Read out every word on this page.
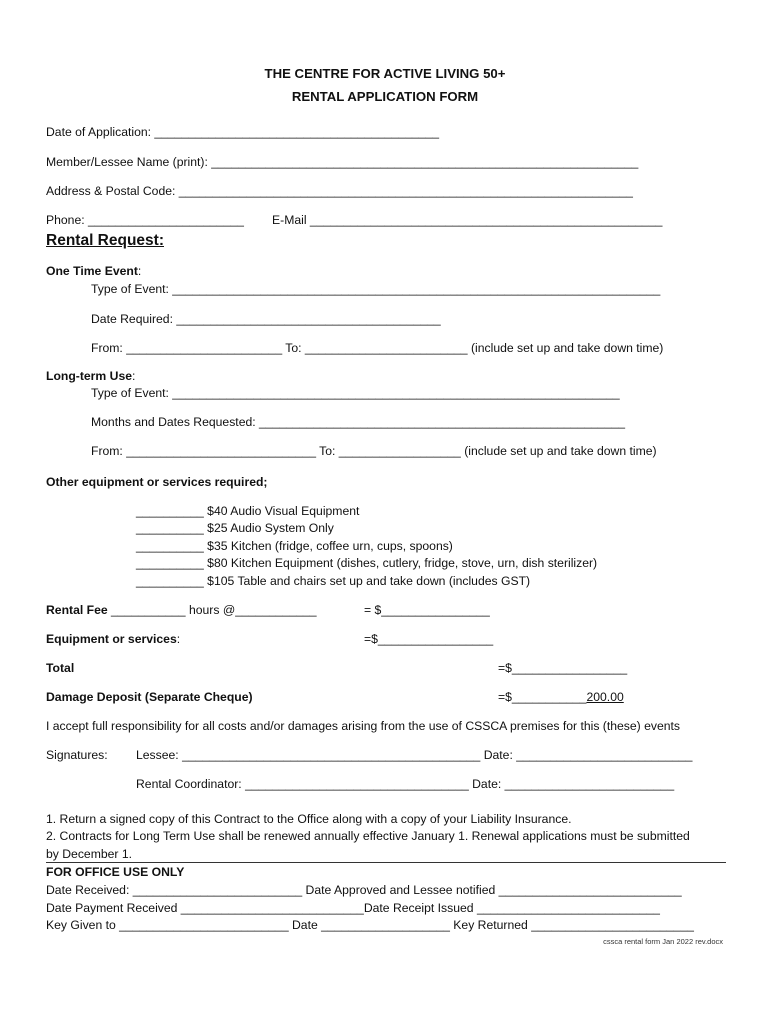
THE CENTRE FOR ACTIVE LIVING 50+
RENTAL APPLICATION FORM
Date of Application: __________________________________________
Member/Lessee Name (print): _______________________________________________________________
Address & Postal Code: ___________________________________________________________________
Phone: _______________________ E-Mail ____________________________________________________
Rental Request:
One Time Event:
Type of Event: ________________________________________________________________________
Date Required: _______________________________________
From: _______________________ To: ________________________ (include set up and take down time)
Long-term Use:
Type of Event: __________________________________________________________________
Months and Dates Requested: ______________________________________________________
From: ____________________________ To: __________________ (include set up and take down time)
Other equipment or services required;
__________ $40 Audio Visual Equipment
__________ $25 Audio System Only
__________ $35 Kitchen (fridge, coffee urn, cups, spoons)
__________ $80 Kitchen Equipment (dishes, cutlery, fridge, stove, urn, dish sterilizer)
__________ $105 Table and chairs set up and take down (includes GST)
Rental Fee ___________ hours @____________	= $________________
Equipment or services:	=$_________________
Total	=$_________________
Damage Deposit (Separate Cheque)	=$___________200.00
I accept full responsibility for all costs and/or damages arising from the use of CSSCA premises for this (these) events
Signatures: Lessee: ____________________________________________ Date: __________________________
Rental Coordinator: _________________________________ Date: _________________________
1. Return a signed copy of this Contract to the Office along with a copy of your Liability Insurance.
2. Contracts for Long Term Use shall be renewed annually effective January 1. Renewal applications must be submitted
by December 1.
FOR OFFICE USE ONLY
Date Received: _________________________ Date Approved and Lessee notified ___________________________
Date Payment Received ___________________________Date Receipt Issued ___________________________
Key Given to _________________________ Date ___________________ Key Returned ________________________
cssca rental form Jan 2022 rev.docx
